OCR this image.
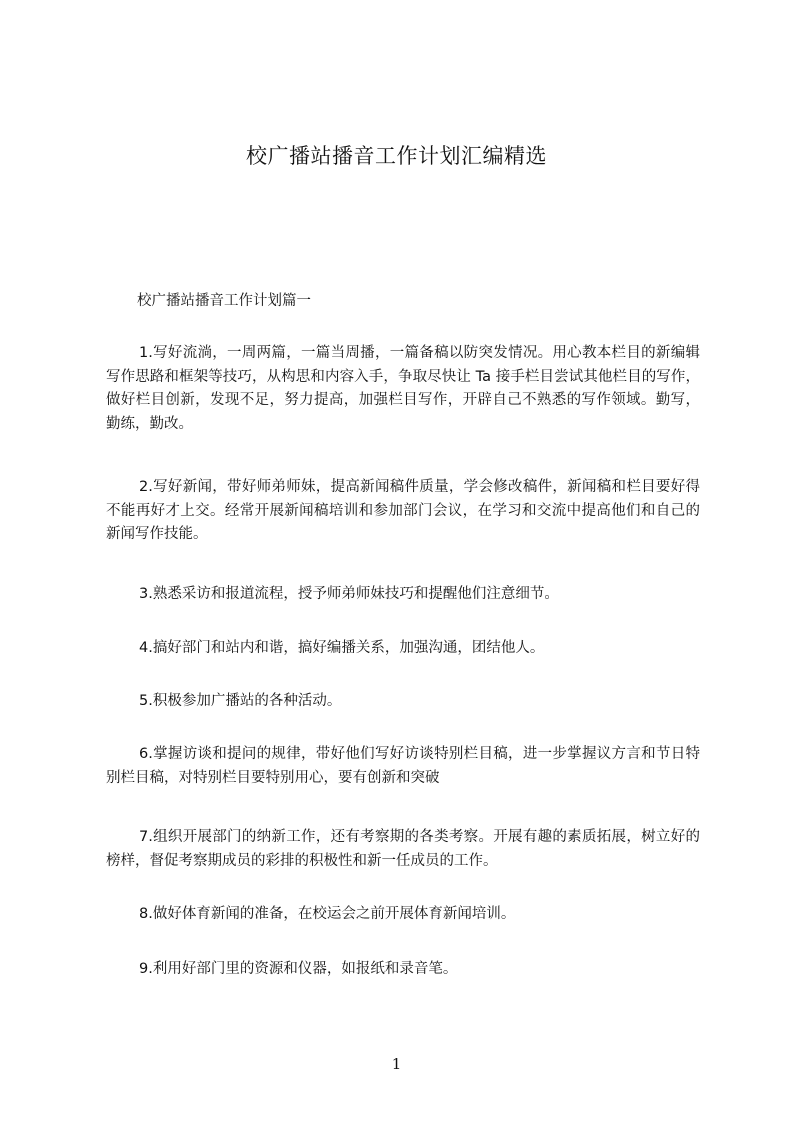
校广播站播音工作计划汇编精选
校广播站播音工作计划篇一
1.写好流淌，一周两篇，一篇当周播，一篇备稿以防突发情况。用心教本栏目的新编辑写作思路和框架等技巧，从构思和内容入手，争取尽快让 Ta 接手栏目尝试其他栏目的写作，做好栏目创新，发现不足，努力提高，加强栏目写作，开辟自己不熟悉的写作领域。勤写，勤练，勤改。
2.写好新闻，带好师弟师妹，提高新闻稿件质量，学会修改稿件，新闻稿和栏目要好得不能再好才上交。经常开展新闻稿培训和参加部门会议，在学习和交流中提高他们和自己的新闻写作技能。
3.熟悉采访和报道流程，授予师弟师妹技巧和提醒他们注意细节。
4.搞好部门和站内和谐，搞好编播关系，加强沟通，团结他人。
5.积极参加广播站的各种活动。
6.掌握访谈和提问的规律，带好他们写好访谈特别栏目稿，进一步掌握议方言和节日特别栏目稿，对特别栏目要特别用心，要有创新和突破
7.组织开展部门的纳新工作，还有考察期的各类考察。开展有趣的素质拓展，树立好的榜样，督促考察期成员的彩排的积极性和新一任成员的工作。
8.做好体育新闻的准备，在校运会之前开展体育新闻培训。
9.利用好部门里的资源和仪器，如报纸和录音笔。
1
